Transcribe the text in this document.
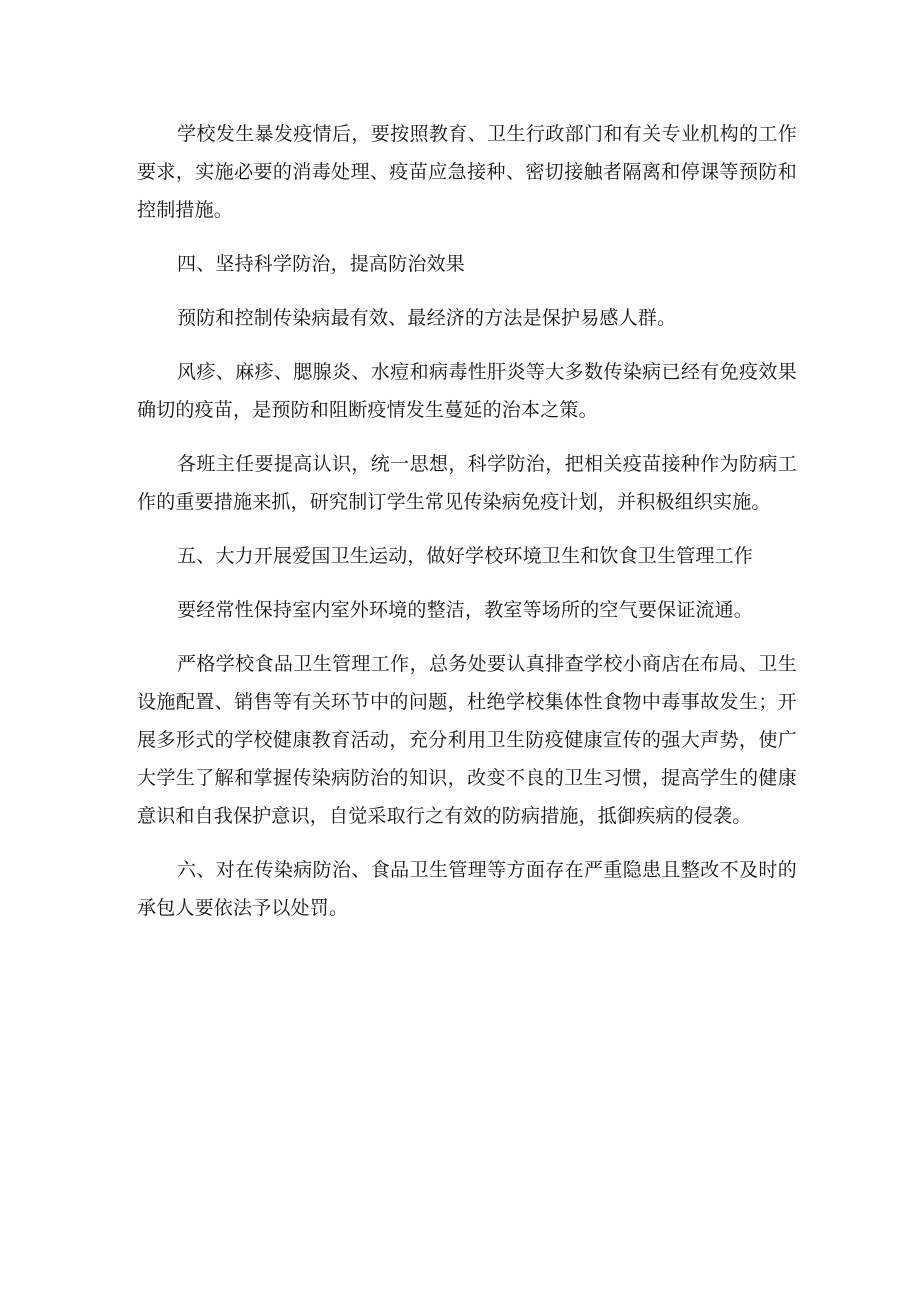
学校发生暴发疫情后，要按照教育、卫生行政部门和有关专业机构的工作要求，实施必要的消毒处理、疫苗应急接种、密切接触者隔离和停课等预防和控制措施。

四、坚持科学防治，提高防治效果

预防和控制传染病最有效、最经济的方法是保护易感人群。

风疹、麻疹、腮腺炎、水痘和病毒性肝炎等大多数传染病已经有免疫效果确切的疫苗，是预防和阻断疫情发生蔓延的治本之策。

各班主任要提高认识，统一思想，科学防治，把相关疫苗接种作为防病工作的重要措施来抓，研究制订学生常见传染病免疫计划，并积极组织实施。

五、大力开展爱国卫生运动，做好学校环境卫生和饮食卫生管理工作

要经常性保持室内室外环境的整洁，教室等场所的空气要保证流通。

严格学校食品卫生管理工作，总务处要认真排查学校小商店在布局、卫生设施配置、销售等有关环节中的问题，杜绝学校集体性食物中毒事故发生；开展多形式的学校健康教育活动，充分利用卫生防疫健康宣传的强大声势，使广大学生了解和掌握传染病防治的知识，改变不良的卫生习惯，提高学生的健康意识和自我保护意识，自觉采取行之有效的防病措施，抵御疾病的侵袭。

六、对在传染病防治、食品卫生管理等方面存在严重隐患且整改不及时的承包人要依法予以处罚。
